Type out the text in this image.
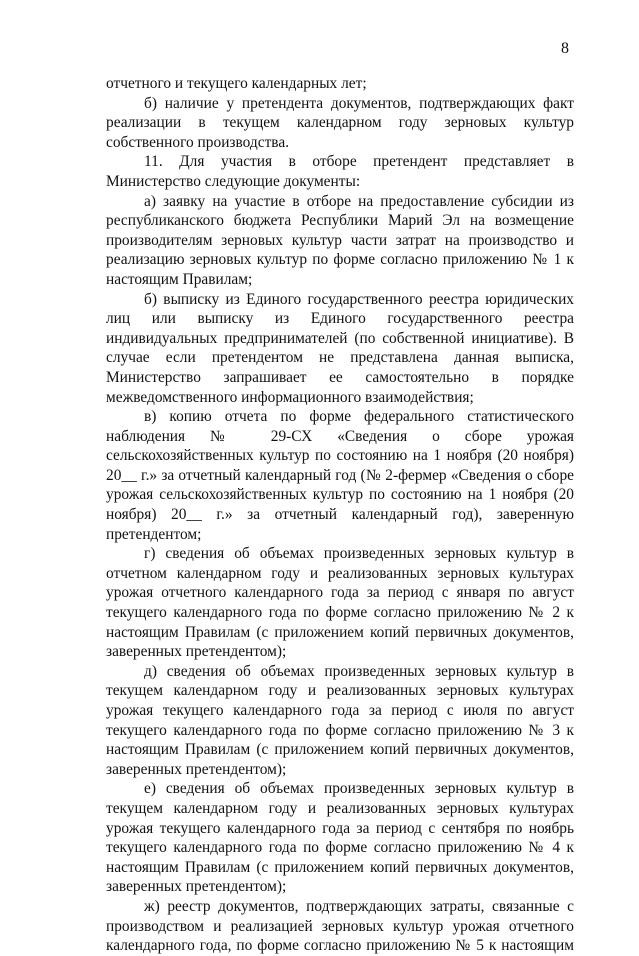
8

отчетного и текущего календарных лет;

б) наличие у претендента документов, подтверждающих факт реализации в текущем календарном году зерновых культур собственного производства.

11. Для участия в отборе претендент представляет в Министерство следующие документы:

а) заявку на участие в отборе на предоставление субсидии из республиканского бюджета Республики Марий Эл на возмещение производителям зерновых культур части затрат на производство и реализацию зерновых культур по форме согласно приложению № 1 к настоящим Правилам;

б) выписку из Единого государственного реестра юридических лиц или выписку из Единого государственного реестра индивидуальных предпринимателей (по собственной инициативе). В случае если претендентом не представлена данная выписка, Министерство запрашивает ее самостоятельно в порядке межведомственного информационного взаимодействия;

в) копию отчета по форме федерального статистического наблюдения № 29-СХ «Сведения о сборе урожая сельскохозяйственных культур по состоянию на 1 ноября (20 ноября) 20__ г.» за отчетный календарный год (№ 2-фермер «Сведения о сборе урожая сельскохозяйственных культур по состоянию на 1 ноября (20 ноября) 20__ г.» за отчетный календарный год), заверенную претендентом;

г) сведения об объемах произведенных зерновых культур в отчетном календарном году и реализованных зерновых культурах урожая отчетного календарного года за период с января по август текущего календарного года по форме согласно приложению № 2 к настоящим Правилам (с приложением копий первичных документов, заверенных претендентом);

д) сведения об объемах произведенных зерновых культур в текущем календарном году и реализованных зерновых культурах урожая текущего календарного года за период с июля по август текущего календарного года по форме согласно приложению № 3 к настоящим Правилам (с приложением копий первичных документов, заверенных претендентом);

е) сведения об объемах произведенных зерновых культур в текущем календарном году и реализованных зерновых культурах урожая текущего календарного года за период с сентября по ноябрь текущего календарного года по форме согласно приложению № 4 к настоящим Правилам (с приложением копий первичных документов, заверенных претендентом);

ж) реестр документов, подтверждающих затраты, связанные с производством и реализацией зерновых культур урожая отчетного календарного года, по форме согласно приложению № 5 к настоящим
